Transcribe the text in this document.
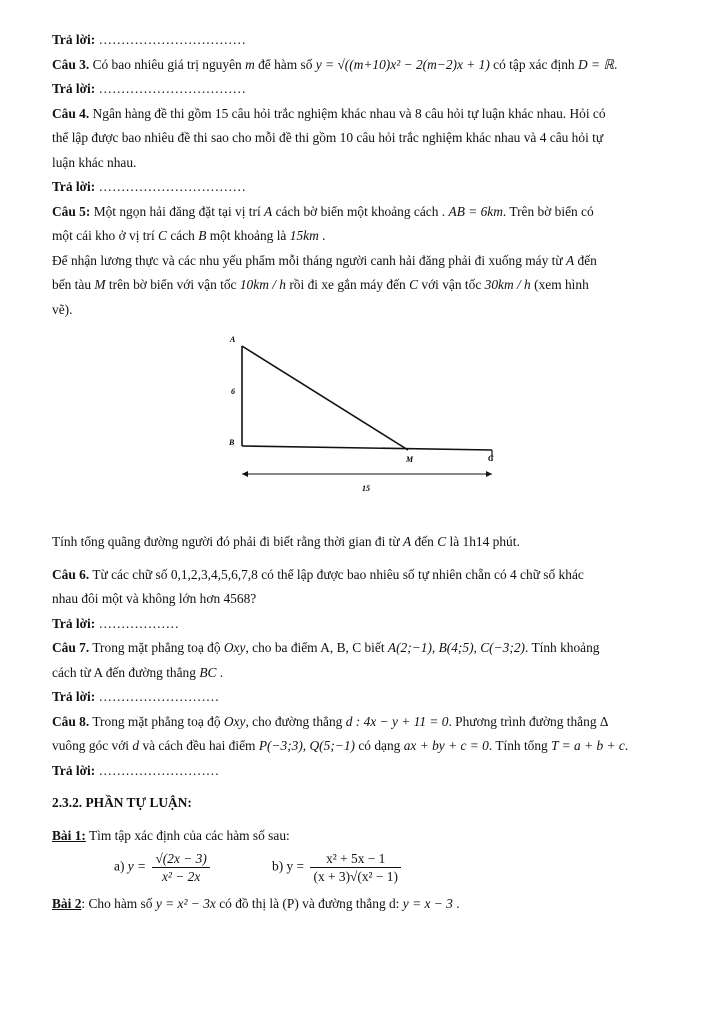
Trả lời: ……………………………

Câu 3. Có bao nhiêu giá trị nguyên m để hàm số y = √((m+10)x² − 2(m−2)x + 1) có tập xác định D = ℝ.

Trả lời: ……………………………

Câu 4. Ngân hàng đề thi gồm 15 câu hỏi trắc nghiệm khác nhau và 8 câu hỏi tự luận khác nhau. Hỏi có

thể lập được bao nhiêu đề thi sao cho mỗi đề thi gồm 10 câu hỏi trắc nghiệm khác nhau và 4 câu hỏi tự

luận khác nhau.

Trả lời: ……………………………

Câu 5: Một ngọn hải đăng đặt tại vị trí A cách bờ biển một khoảng cách . AB = 6km. Trên bờ biển có

một cái kho ở vị trí C cách B một khoảng là 15km .

Để nhận lương thực và các nhu yếu phẩm mỗi tháng người canh hải đăng phải đi xuống máy từ A đến

bến tàu M trên bờ biển với vận tốc 10km / h rồi đi xe gắn máy đến C với vận tốc 30km / h (xem hình

vẽ).

A
6
B
M	C
15

Tính tổng quãng đường người đó phải đi biết rằng thời gian đi từ A đến C là 1h14 phút.

Câu 6. Từ các chữ số 0,1,2,3,4,5,6,7,8 có thể lập được bao nhiêu số tự nhiên chẵn có 4 chữ số khác

nhau đôi một và không lớn hơn 4568?

Trả lời: ………………

Câu 7. Trong mặt phẳng toạ độ Oxy, cho ba điểm A, B, C biết A(2;−1), B(4;5), C(−3;2). Tính khoảng

cách từ A đến đường thẳng BC .

Trả lời: ………………………

Câu 8. Trong mặt phẳng toạ độ Oxy, cho đường thẳng d : 4x − y + 11 = 0. Phương trình đường thẳng Δ

vuông góc với d và cách đều hai điểm P(−3;3), Q(5;−1) có dạng ax + by + c = 0. Tính tổng T = a + b + c.

Trả lời: ………………………

2.3.2. PHẦN TỰ LUẬN:

Bài 1: Tìm tập xác định của các hàm số sau:

a) $y = \frac{√(2x - 3)}{\text{x² − 2x}}$	b) $y = \frac{\text{x² + 5x − 1}}{\text{(x + 3)√(x² − 1)}}$

Bài 2: Cho hàm số y = x² − 3x có đồ thị là (P) và đường thẳng d: y = x − 3 .
